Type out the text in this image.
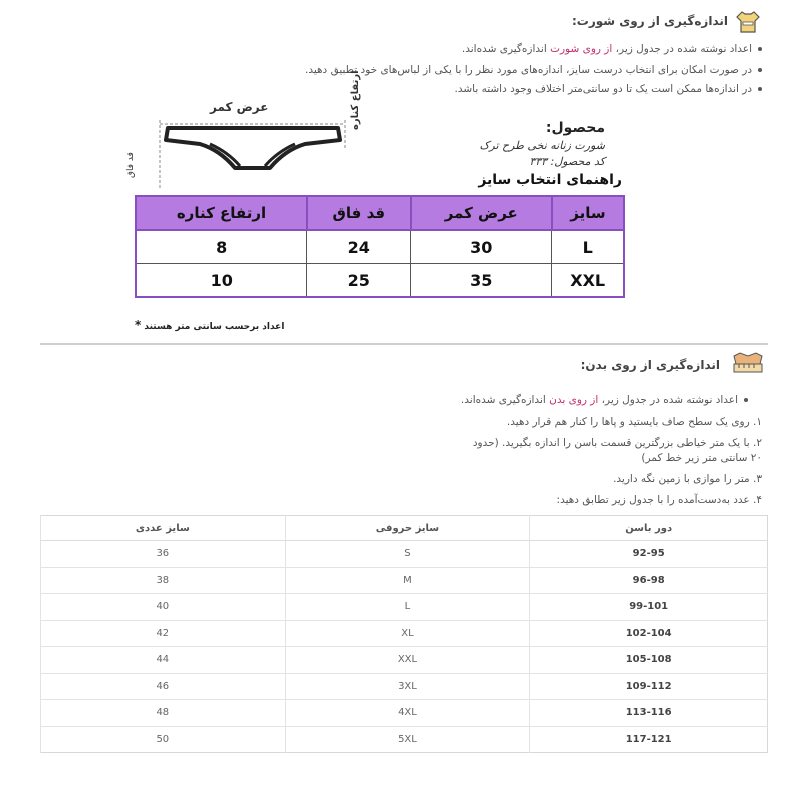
اندازه‌گیری از روی شورت:
اعداد نوشته شده در جدول زیر، از روی شورت اندازه‌گیری شده‌اند.
در صورت امکان برای انتخاب درست سایز، اندازه‌های مورد نظر را با یکی از لباس‌های خود تطبیق دهید.
در اندازه‌ها ممکن است یک تا دو سانتی‌متر اختلاف وجود داشته باشد.
عرض کمر	ارتفاع کناره
قد فاق
محصول:
شورت زنانه نخی طرح ترک
کد محصول: ۳۳۳
راهنمای انتخاب سایز
سایز	عرض کمر	قد فاق	ارتفاع کناره
L	30	24	8
XXL	35	25	10
اعداد برحسب سانتی متر هستند *
اندازه‌گیری از روی بدن:
اعداد نوشته شده در جدول زیر، از روی بدن اندازه‌گیری شده‌اند.
۱. روی یک سطح صاف بایستید و پاها را کنار هم قرار دهید.
۲. با یک متر خیاطی بزرگترین قسمت باسن را اندازه بگیرید. (حدود
۲۰ سانتی متر زیر خط کمر)
۳. متر را موازی با زمین نگه دارید.
۴. عدد به‌دست‌آمده را با جدول زیر تطابق دهید:
دور باسن	سایز حروفی	سایز عددی
92-95	S	36
96-98	M	38
99-101	L	40
102-104	XL	42
105-108	XXL	44
109-112	3XL	46
113-116	4XL	48
117-121	5XL	50
